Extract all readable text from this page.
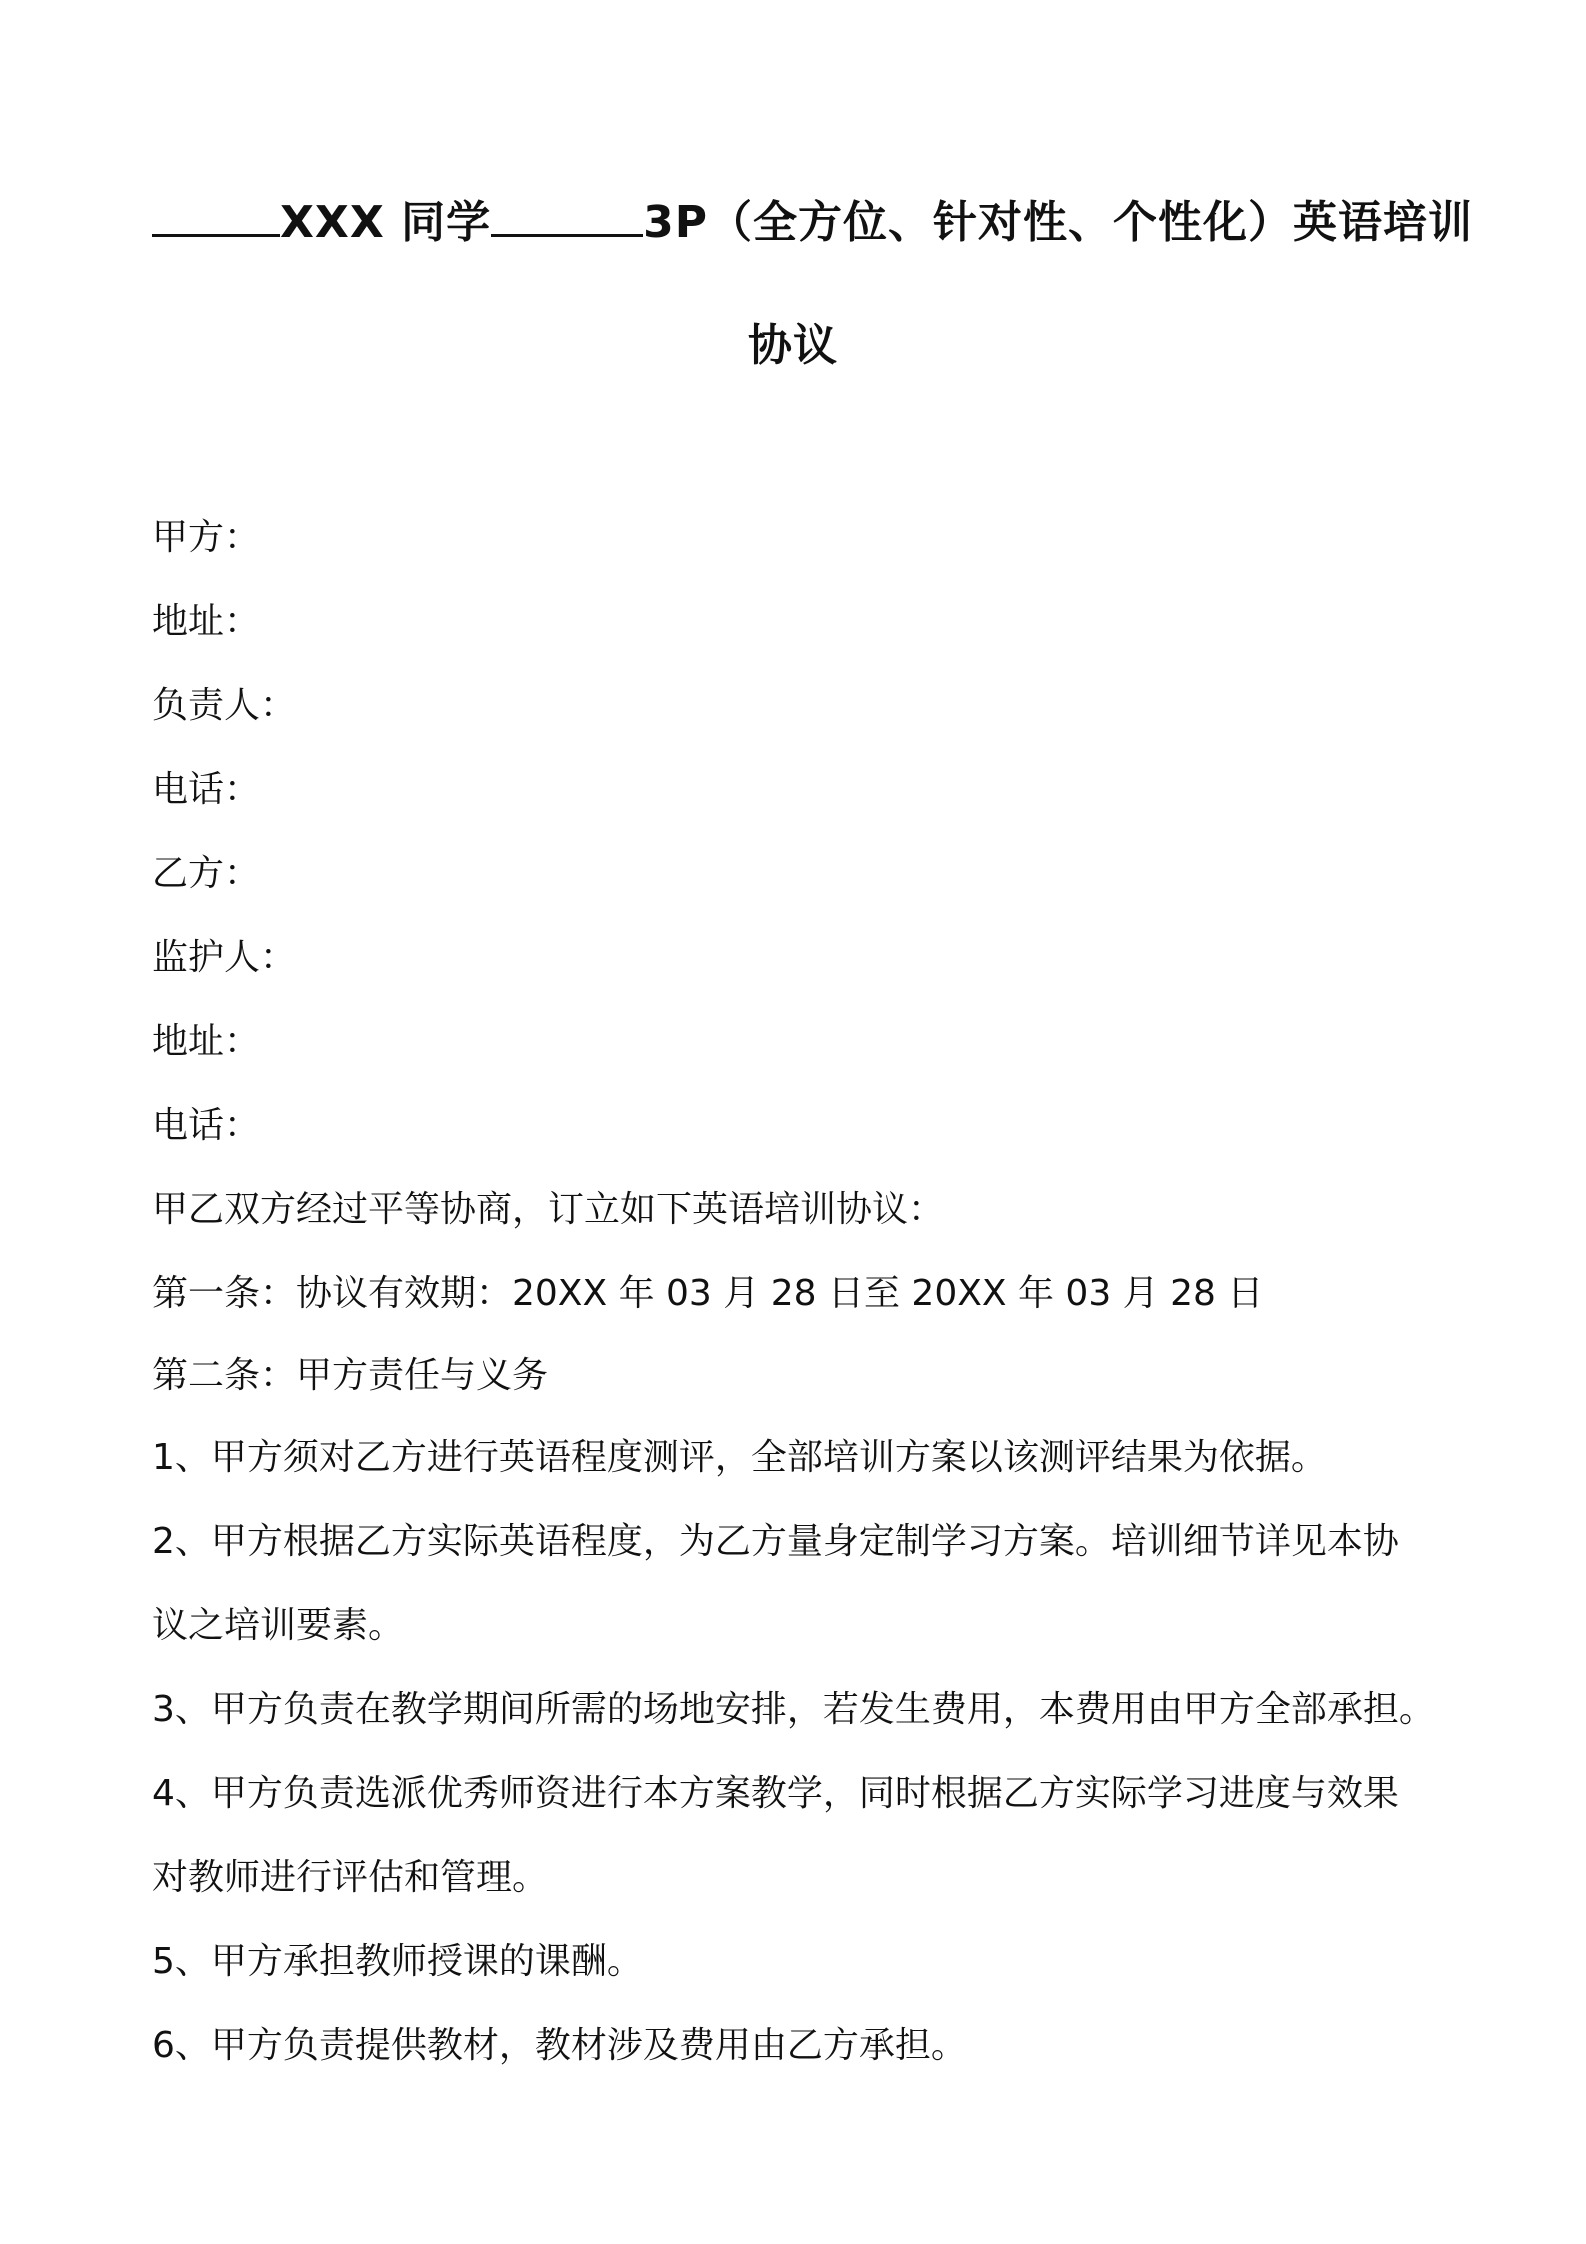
XXX 同学	3P（全方位、针对性、个性化）英语培训
协议
甲方：
地址：
负责人：
电话：
乙方：
监护人：
地址：
电话：
甲乙双方经过平等协商，订立如下英语培训协议：
第一条：协议有效期：20XX 年 03 月 28 日至 20XX 年 03 月 28 日
第二条：甲方责任与义务
1、甲方须对乙方进行英语程度测评，全部培训方案以该测评结果为依据。
2、甲方根据乙方实际英语程度，为乙方量身定制学习方案。培训细节详见本协
议之培训要素。
3、甲方负责在教学期间所需的场地安排，若发生费用，本费用由甲方全部承担。
4、甲方负责选派优秀师资进行本方案教学，同时根据乙方实际学习进度与效果
对教师进行评估和管理。
5、甲方承担教师授课的课酬。
6、甲方负责提供教材，教材涉及费用由乙方承担。
